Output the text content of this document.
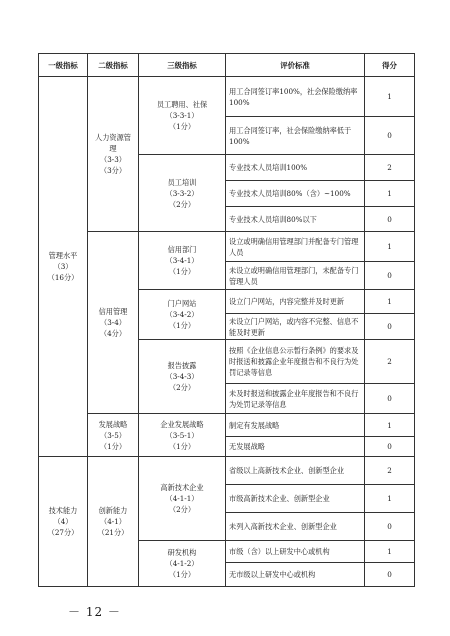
一级指标	二级指标	三级指标	评价标准	得分

管理水平
（3）
（16分）	人力资源管
理
（3-3）
（3分）	员工聘用、社保
（3-3-1）
（1分）	用工合同签订率100%，社会保险缴纳率100%	1
			用工合同签订率，社会保险缴纳率低于100%	0

		员工培训
（3-3-2）
（2分）	专业技术人员培训100%	2
			专业技术人员培训80%（含）~100%	1
			专业技术人员培训80%以下	0

	信用管理
（3-4）
（4分）	信用部门
（3-4-1）
（1分）	设立或明确信用管理部门并配备专门管理人员	1
			未设立或明确信用管理部门，未配备专门管理人员	0

		门户网站
（3-4-2）
（1分）	设立门户网站，内容完整并及时更新	1
			未设立门户网站，或内容不完整、信息不能及时更新	0

		报告披露
（3-4-3）
（2分）	按照《企业信息公示暂行条例》的要求及时报送和披露企业年度报告和不良行为处罚记录等信息	2
			未及时报送和披露企业年度报告和不良行为处罚记录等信息	0

	发展战略
（3-5）
（1分）	企业发展战略
（3-5-1）
（1分）	制定有发展战略	1
			无发展战略	0

技术能力
（4）
（27分）	创新能力
（4-1）
（21分）	高新技术企业
（4-1-1）
（2分）	省级以上高新技术企业、创新型企业	2
			市级高新技术企业、创新型企业	1
			未列入高新技术企业、创新型企业	0

		研发机构
（4-1-2）
（1分）	市级（含）以上研发中心或机构	1
			无市级以上研发中心或机构	0
－ 12 －
